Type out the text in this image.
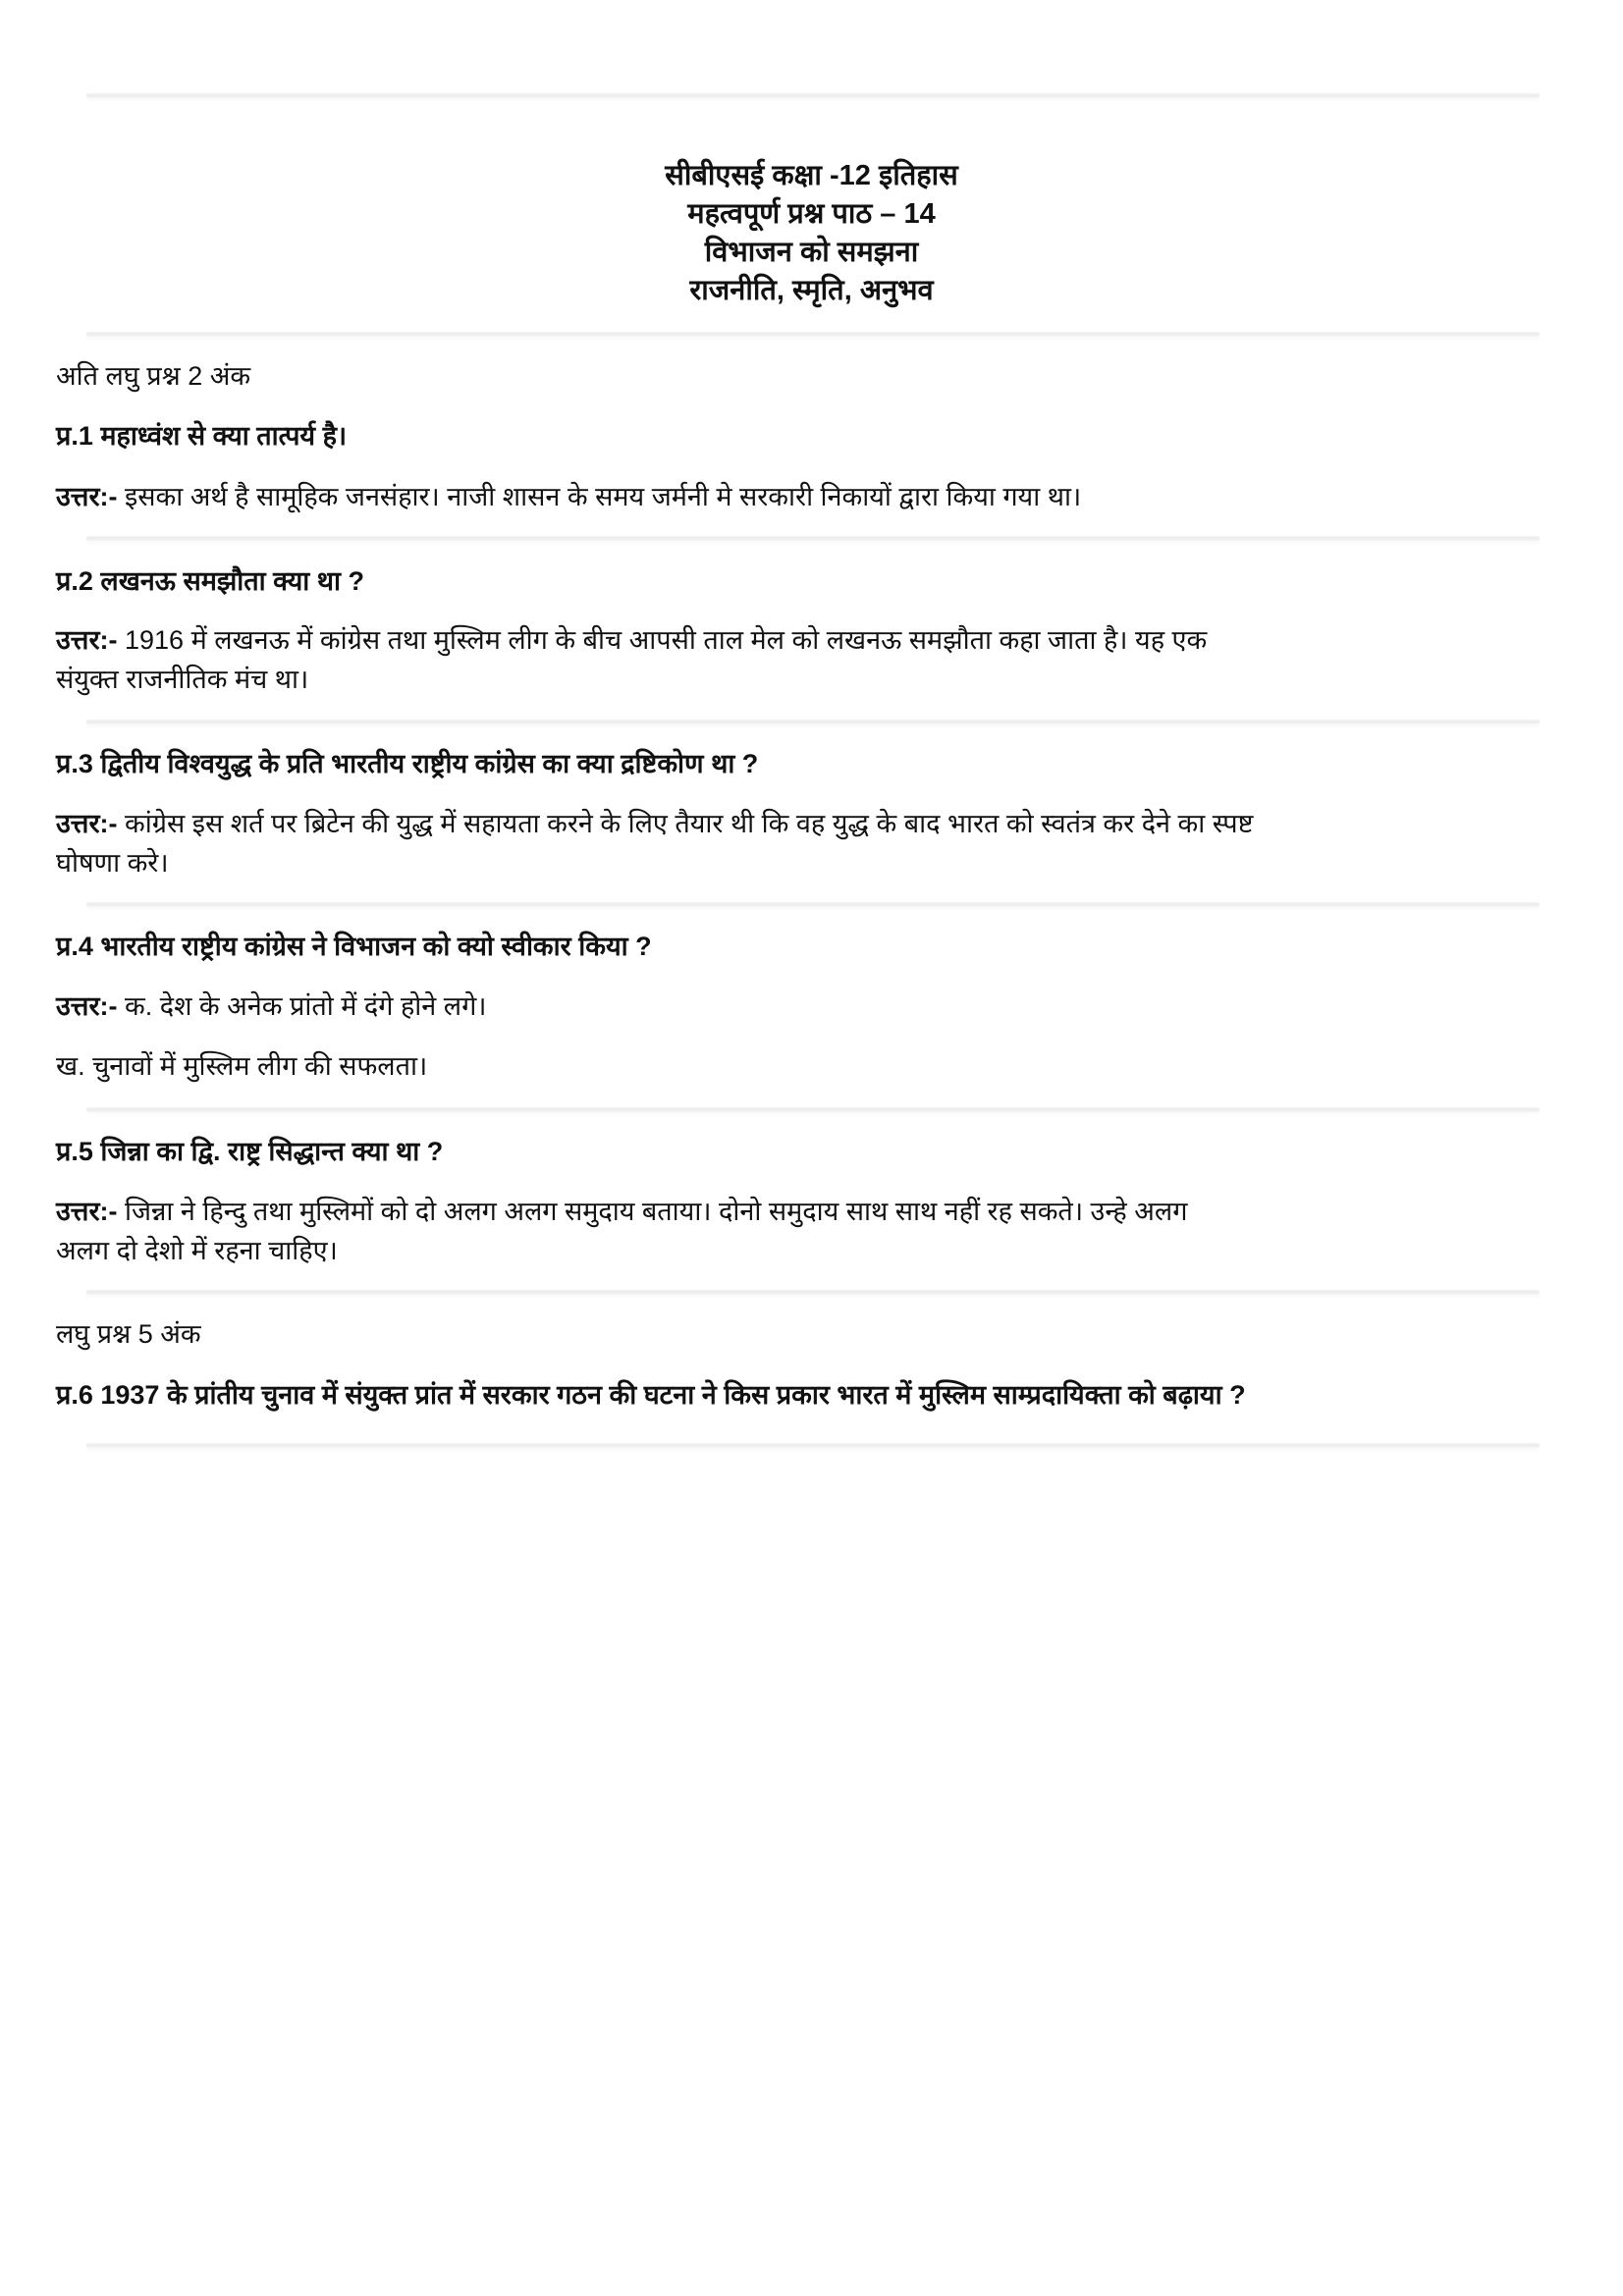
सीबीएसई कक्षा -12 इतिहास
महत्वपूर्ण प्रश्न पाठ – 14
विभाजन को समझना
राजनीति, स्मृति, अनुभव
अति लघु प्रश्न 2 अंक
प्र.1 महाध्वंश से क्या तात्पर्य है।
उत्तर:- इसका अर्थ है सामूहिक जनसंहार। नाजी शासन के समय जर्मनी मे सरकारी निकायों द्वारा किया गया था।
प्र.2 लखनऊ समझौता क्या था ?
उत्तर:- 1916 में लखनऊ में कांग्रेस तथा मुस्लिम लीग के बीच आपसी ताल मेल को लखनऊ समझौता कहा जाता है। यह एक
संयुक्त राजनीतिक मंच था।
प्र.3 द्वितीय विश्वयुद्ध के प्रति भारतीय राष्ट्रीय कांग्रेस का क्या द्रष्टिकोण था ?
उत्तर:- कांग्रेस इस शर्त पर ब्रिटेन की युद्ध में सहायता करने के लिए तैयार थी कि वह युद्ध के बाद भारत को स्वतंत्र कर देने का स्पष्ट
घोषणा करे।
प्र.4 भारतीय राष्ट्रीय कांग्रेस ने विभाजन को क्यो स्वीकार किया ?
उत्तर:- क. देश के अनेक प्रांतो में दंगे होने लगे।
ख. चुनावों में मुस्लिम लीग की सफलता।
प्र.5 जिन्ना का द्वि. राष्ट्र सिद्धान्त क्या था ?
उत्तर:- जिन्ना ने हिन्दु तथा मुस्लिमों को दो अलग अलग समुदाय बताया। दोनो समुदाय साथ साथ नहीं रह सकते। उन्हे अलग
अलग दो देशो में रहना चाहिए।
लघु प्रश्न 5 अंक
प्र.6 1937 के प्रांतीय चुनाव में संयुक्त प्रांत में सरकार गठन की घटना ने किस प्रकार भारत में मुस्लिम साम्प्रदायिक्ता को बढ़ाया ?
